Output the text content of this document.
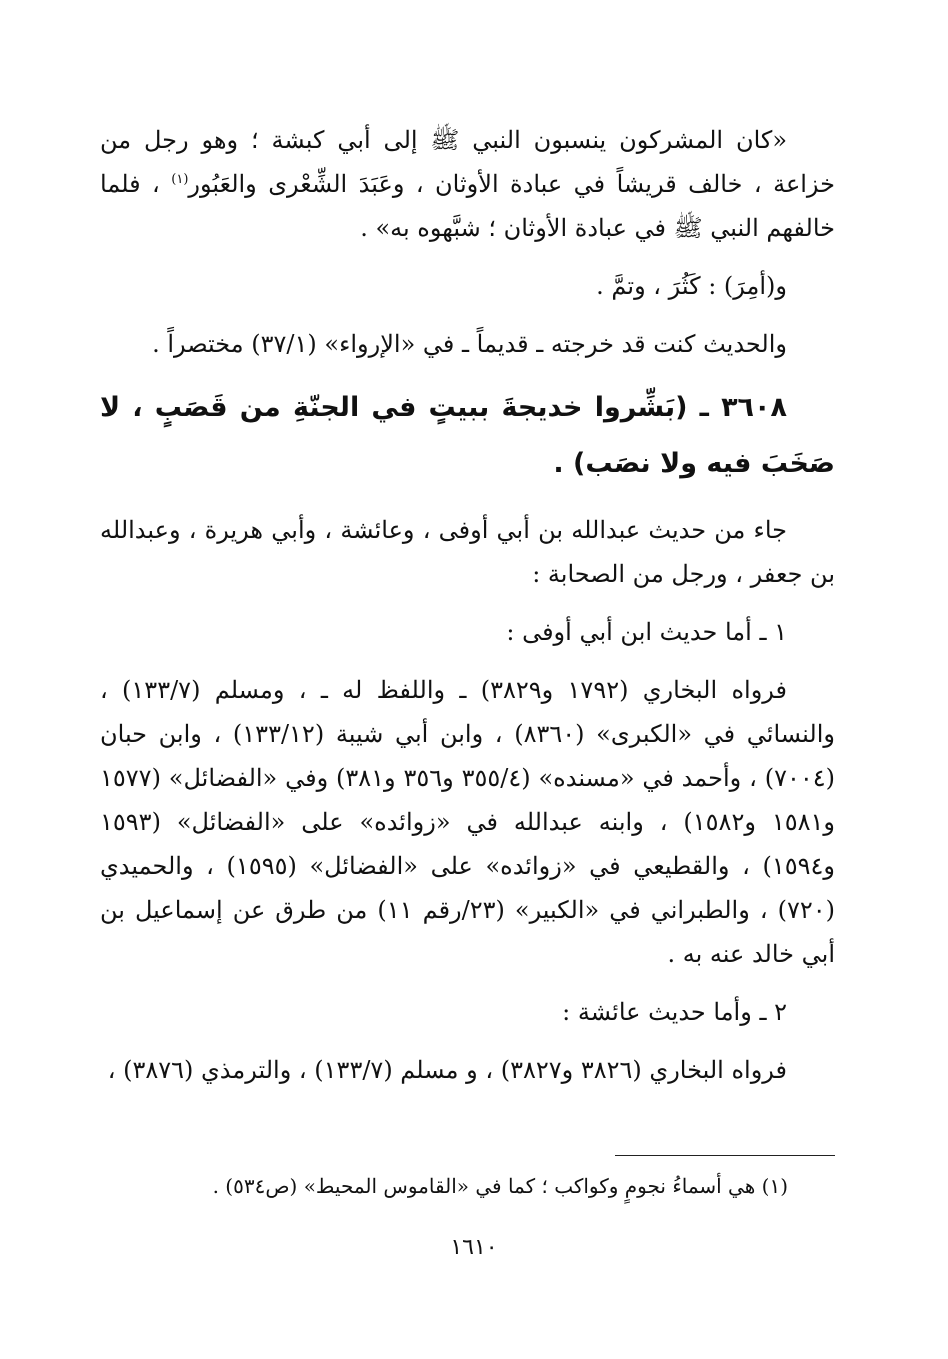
«كان المشركون ينسبون النبي ﷺ إلى أبي كبشة ؛ وهو رجل من خزاعة ، خالف قريشاً في عبادة الأوثان ، وعَبَدَ الشِّعْرى والعَبُور$^{(١)}$ ، فلما خالفهم النبي ﷺ في عبادة الأوثان ؛ شبَّهوه به» .

و(أمِرَ) : كَثُرَ ، وتمَّ .

والحديث كنت قد خرجته ـ قديماً ـ في «الإرواء» (٣٧/١) مختصراً .

٣٦٠٨ ـ (بَشِّروا خديجةَ ببيتٍ في الجنّةِ من قَصَبٍ ، لا صَخَبَ فيه ولا نصَب) .

جاء من حديث عبدالله بن أبي أوفى ، وعائشة ، وأبي هريرة ، وعبدالله بن جعفر ، ورجل من الصحابة :

١ ـ أما حديث ابن أبي أوفى :

فرواه البخاري (١٧٩٢ و٣٨٢٩) ـ واللفظ له ـ ، ومسلم (١٣٣/٧) ، والنسائي في «الكبرى» (٨٣٦٠) ، وابن أبي شيبة (١٣٣/١٢) ، وابن حبان (٧٠٠٤) ، وأحمد في «مسنده» (٣٥٥/٤ و٣٥٦ و٣٨١) وفي «الفضائل» (١٥٧٧ و١٥٨١ و١٥٨٢) ، وابنه عبدالله في «زوائده» على «الفضائل» (١٥٩٣ و١٥٩٤) ، والقطيعي في «زوائده» على «الفضائل» (١٥٩٥) ، والحميدي (٧٢٠) ، والطبراني في «الكبير» (٢٣/رقم ١١) من طرق عن إسماعيل بن أبي خالد عنه به .

٢ ـ وأما حديث عائشة :

فرواه البخاري (٣٨٢٦ و٣٨٢٧) ، و مسلم (١٣٣/٧) ، والترمذي (٣٨٧٦) ،

(١) هي أسماءُ نجومٍ وكواكب ؛ كما في «القاموس المحيط» (ص٥٣٤) .
١٦١٠
